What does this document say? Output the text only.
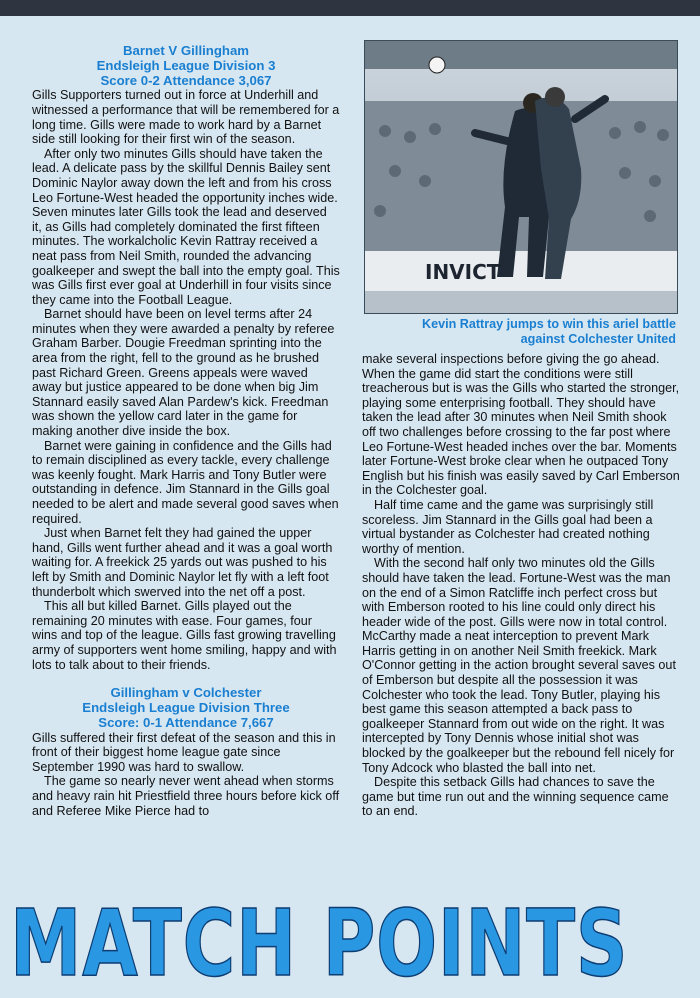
Barnet V Gillingham
Endsleigh League Division 3
Score 0-2 Attendance 3,067

Gills Supporters turned out in force at Underhill and witnessed a performance that will be remembered for a long time. Gills were made to work hard by a Barnet side still looking for their first win of the season.

After only two minutes Gills should have taken the lead. A delicate pass by the skillful Dennis Bailey sent Dominic Naylor away down the left and from his cross Leo Fortune-West headed the opportunity inches wide. Seven minutes later Gills took the lead and deserved it, as Gills had completely dominated the first fifteen minutes. The workalcholic Kevin Rattray received a neat pass from Neil Smith, rounded the advancing goalkeeper and swept the ball into the empty goal. This was Gills first ever goal at Underhill in four visits since they came into the Football League.

Barnet should have been on level terms after 24 minutes when they were awarded a penalty by referee Graham Barber. Dougie Freedman sprinting into the area from the right, fell to the ground as he brushed past Richard Green. Greens appeals were waved away but justice appeared to be done when big Jim Stannard easily saved Alan Pardew's kick. Freedman was shown the yellow card later in the game for making another dive inside the box.

Barnet were gaining in confidence and the Gills had to remain disciplined as every tackle, every challenge was keenly fought. Mark Harris and Tony Butler were outstanding in defence. Jim Stannard in the Gills goal needed to be alert and made several good saves when required.

Just when Barnet felt they had gained the upper hand, Gills went further ahead and it was a goal worth waiting for. A freekick 25 yards out was pushed to his left by Smith and Dominic Naylor let fly with a left foot thunderbolt which swerved into the net off a post.

This all but killed Barnet. Gills played out the remaining 20 minutes with ease. Four games, four wins and top of the league. Gills fast growing travelling army of supporters went home smiling, happy and with lots to talk about to their friends.

Gillingham v Colchester
Endsleigh League Division Three
Score: 0-1 Attendance 7,667

Gills suffered their first defeat of the season and this in front of their biggest home league gate since September 1990 was hard to swallow.

The game so nearly never went ahead when storms and heavy rain hit Priestfield three hours before kick off and Referee Mike Pierce had to

INVICT
Kevin Rattray jumps to win this ariel battle
against Colchester United

make several inspections before giving the go ahead. When the game did start the conditions were still treacherous but is was the Gills who started the stronger, playing some enterprising football. They should have taken the lead after 30 minutes when Neil Smith shook off two challenges before crossing to the far post where Leo Fortune-West headed inches over the bar. Moments later Fortune-West broke clear when he outpaced Tony English but his finish was easily saved by Carl Emberson in the Colchester goal.

Half time came and the game was surprisingly still scoreless. Jim Stannard in the Gills goal had been a virtual bystander as Colchester had created nothing worthy of mention.

With the second half only two minutes old the Gills should have taken the lead. Fortune-West was the man on the end of a Simon Ratcliffe inch perfect cross but with Emberson rooted to his line could only direct his header wide of the post. Gills were now in total control. McCarthy made a neat interception to prevent Mark Harris getting in on another Neil Smith freekick. Mark O'Connor getting in the action brought several saves out of Emberson but despite all the possession it was Colchester who took the lead. Tony Butler, playing his best game this season attempted a back pass to goalkeeper Stannard from out wide on the right. It was intercepted by Tony Dennis whose initial shot was blocked by the goalkeeper but the rebound fell nicely for Tony Adcock who blasted the ball into net.

Despite this setback Gills had chances to save the game but time run out and the winning sequence came to an end.

MATCH POINTS
